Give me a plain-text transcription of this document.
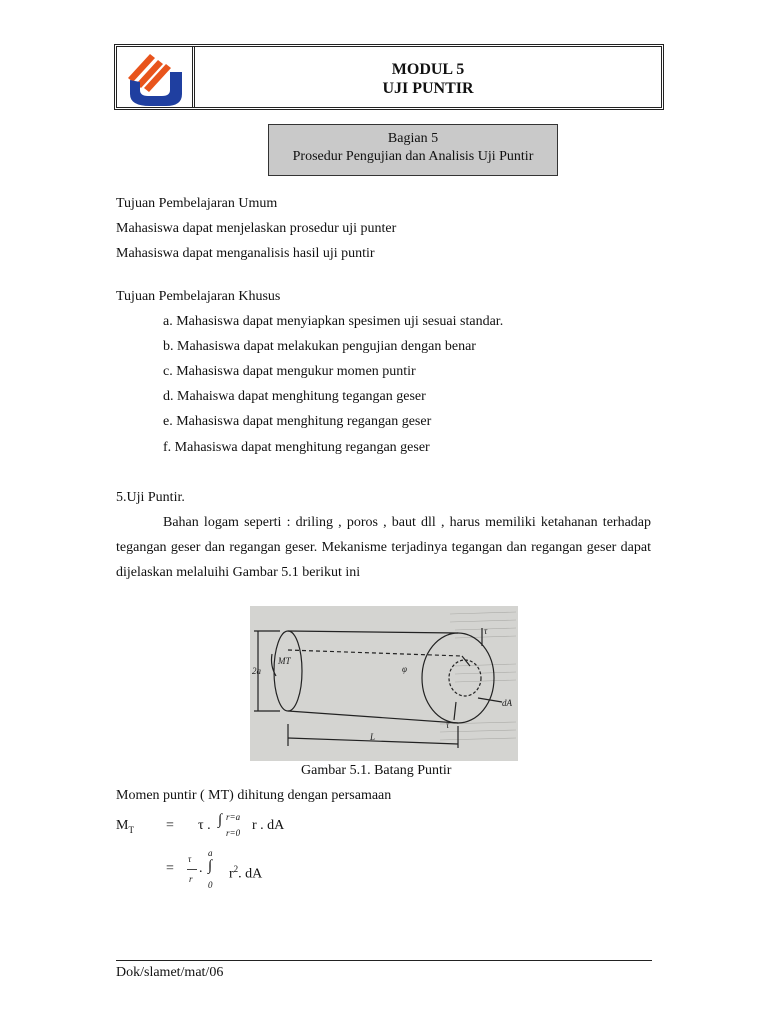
MODUL 5
UJI PUNTIR
Bagian 5
Prosedur Pengujian dan Analisis Uji Puntir
Tujuan Pembelajaran Umum
Mahasiswa dapat menjelaskan prosedur uji punter
Mahasiswa dapat menganalisis hasil uji puntir
Tujuan Pembelajaran Khusus
a. Mahasiswa dapat menyiapkan spesimen uji sesuai standar.
b. Mahasiswa dapat melakukan pengujian dengan benar
c. Mahasiswa dapat mengukur momen puntir
d. Mahaiswa dapat menghitung tegangan geser
e. Mahasiswa dapat menghitung regangan geser
f. Mahasiswa dapat menghitung regangan geser
5.Uji Puntir.
Bahan logam seperti : driling , poros , baut dll , harus memiliki ketahanan terhadap tegangan geser dan regangan geser. Mekanisme terjadinya tegangan dan regangan geser dapat dijelaskan melaluihi Gambar 5.1 berikut ini
MT
2a
τ
τ
φ
dA
L
Gambar 5.1. Batang Puntir
Momen puntir ( MT) dihitung dengan persamaan
$M_T = \tau$ . ∫ r=a
r=0 r . dA
=
τ
r
. ∫
a
0
$r^2$. dA
Dok/slamet/mat/06
